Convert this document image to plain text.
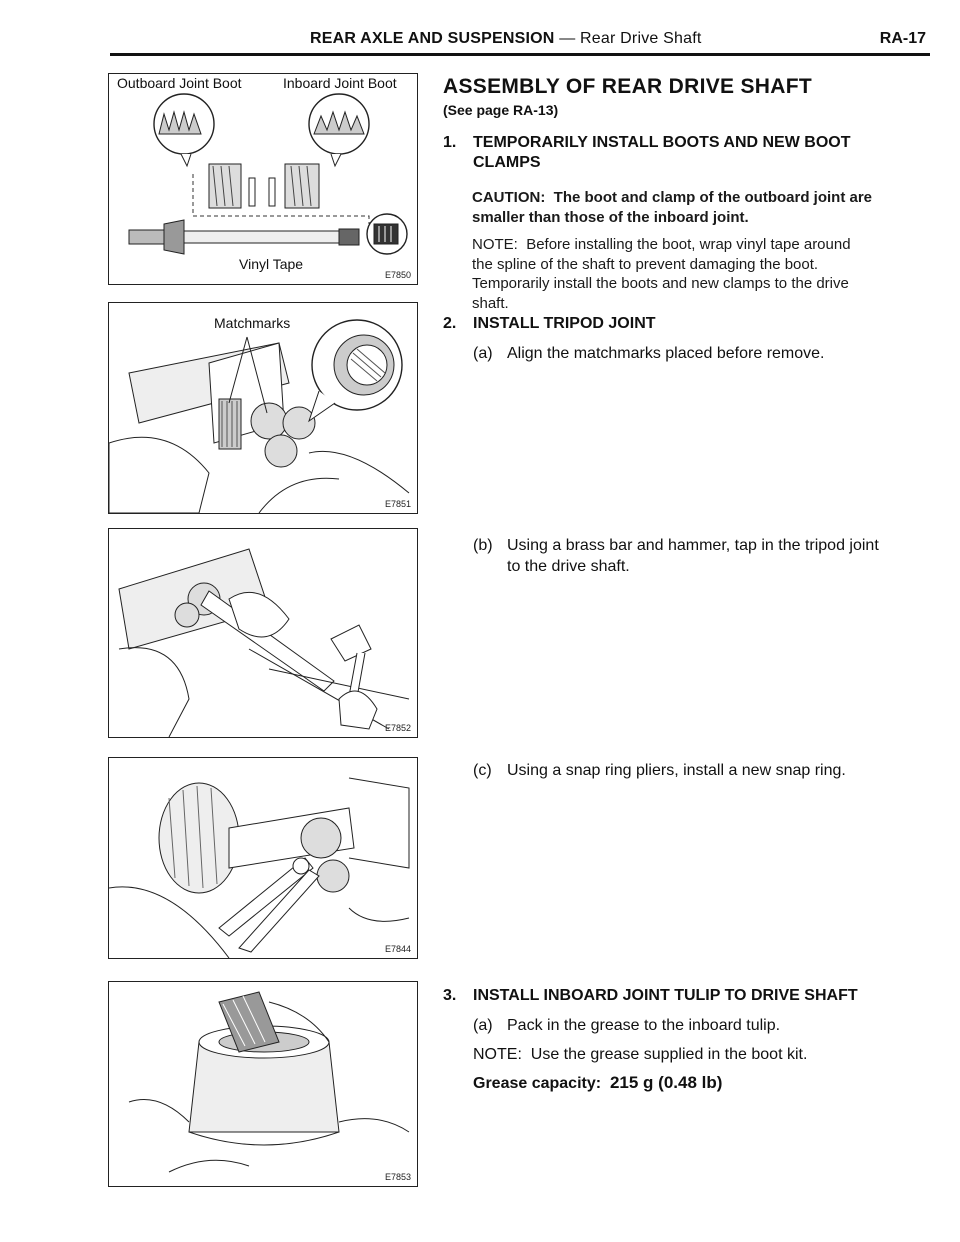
REAR AXLE AND SUSPENSION — Rear Drive Shaft	RA-17
Outboard Joint Boot	Inboard Joint Boot
Vinyl Tape
E7850
Matchmarks
E7851
E7852
E7844
E7853
ASSEMBLY OF REAR DRIVE SHAFT
(See page RA-13)
1. TEMPORARILY INSTALL BOOTS AND NEW BOOT
CLAMPS
CAUTION: The boot and clamp of the outboard joint are
smaller than those of the inboard joint.
NOTE: Before installing the boot, wrap vinyl tape around
the spline of the shaft to prevent damaging the boot.
Temporarily install the boots and new clamps to the drive
shaft.
2. INSTALL TRIPOD JOINT
(a) Align the matchmarks placed before remove.
(b) Using a brass bar and hammer, tap in the tripod joint
to the drive shaft.
(c) Using a snap ring pliers, install a new snap ring.
3. INSTALL INBOARD JOINT TULIP TO DRIVE SHAFT
(a) Pack in the grease to the inboard tulip.
NOTE: Use the grease supplied in the boot kit.
Grease capacity: 215 g (0.48 lb)
